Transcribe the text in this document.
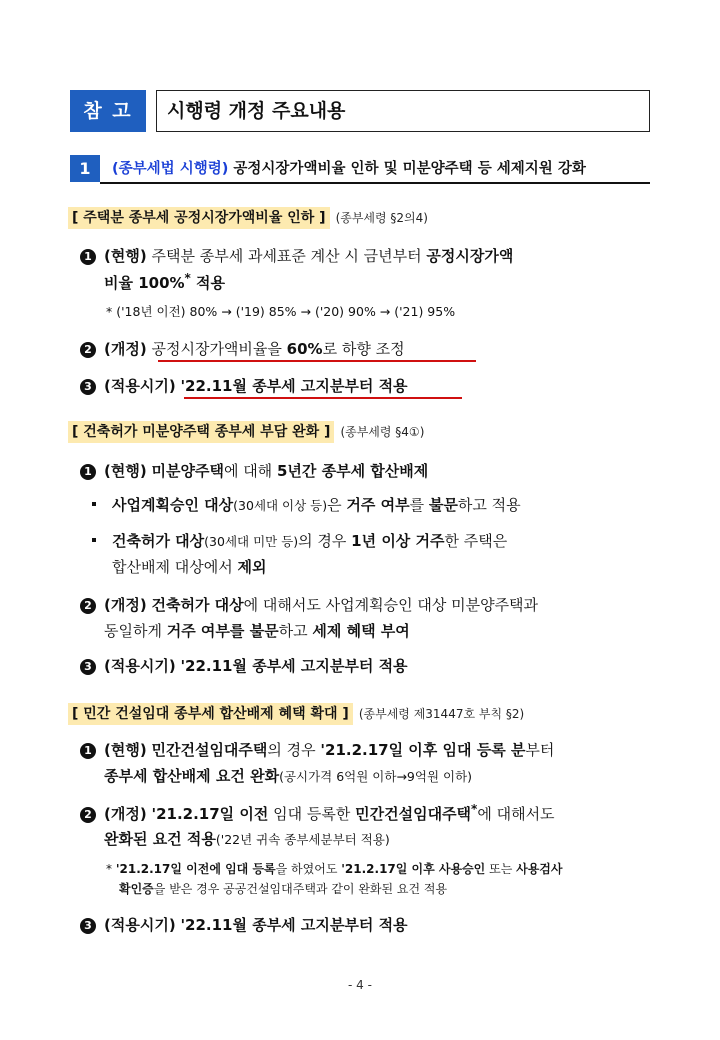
참 고	시행령 개정 주요내용
1	(종부세법 시행령) 공정시장가액비율 인하 및 미분양주택 등 세제지원 강화
[ 주택분 종부세 공정시장가액비율 인하 ] (종부세령 §2의4)
1 (현행) 주택분 종부세 과세표준 계산 시 금년부터 공정시장가액
비율 100%* 적용
* ('18년 이전) 80% → ('19) 85% → ('20) 90% → ('21) 95%
2 (개정) 공정시장가액비율을 60%로 하향 조정
3 (적용시기) '22.11월 종부세 고지분부터 적용
[ 건축허가 미분양주택 종부세 부담 완화 ] (종부세령 §4①)
1 (현행) 미분양주택에 대해 5년간 종부세 합산배제
사업계획승인 대상(30세대 이상 등)은 거주 여부를 불문하고 적용
건축허가 대상(30세대 미만 등)의 경우 1년 이상 거주한 주택은
합산배제 대상에서 제외
2 (개정) 건축허가 대상에 대해서도 사업계획승인 대상 미분양주택과
동일하게 거주 여부를 불문하고 세제 혜택 부여
3 (적용시기) '22.11월 종부세 고지분부터 적용
[ 민간 건설임대 종부세 합산배제 혜택 확대 ] (종부세령 제31447호 부칙 §2)
1 (현행) 민간건설임대주택의 경우 '21.2.17일 이후 임대 등록 분부터
종부세 합산배제 요건 완화(공시가격 6억원 이하→9억원 이하)
2 (개정) '21.2.17일 이전 임대 등록한 민간건설임대주택*에 대해서도
완화된 요건 적용('22년 귀속 종부세분부터 적용)
* '21.2.17일 이전에 임대 등록을 하였어도 '21.2.17일 이후 사용승인 또는 사용검사
확인증을 받은 경우 공공건설임대주택과 같이 완화된 요건 적용
3 (적용시기) '22.11월 종부세 고지분부터 적용
- 4 -
